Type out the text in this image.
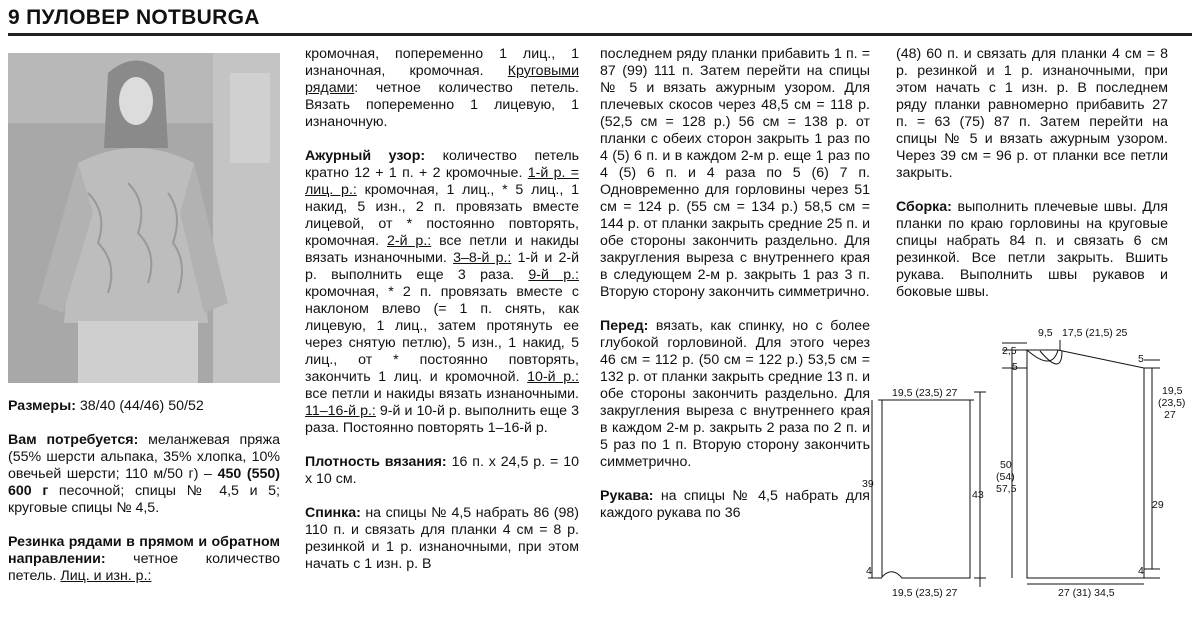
9 ПУЛОВЕР NOTBURGA

Размеры: 38/40 (44/46) 50/52

Вам потребуется: меланжевая пряжа (55% шерсти альпака, 35% хлопка, 10% овечьей шерсти; 110 м/50 г) – 450 (550) 600 г песочной; спицы № 4,5 и 5; круговые спицы № 4,5.

Резинка рядами в прямом и обратном направлении: четное количество петель. Лиц. и изн. р.:

кромочная, попеременно 1 лиц., 1 изнаночная, кромочная. Круговыми рядами: четное количество петель. Вязать попеременно 1 лицевую, 1 изнаночную.

Ажурный узор: количество петель кратно 12 + 1 п. + 2 кромочные. 1-й р. = лиц. р.: кромочная, 1 лиц., * 5 лиц., 1 накид, 5 изн., 2 п. провязать вместе лицевой, от * постоянно повторять, кромочная. 2-й р.: все петли и накиды вязать изнаночными. 3–8-й р.: 1-й и 2-й р. выполнить еще 3 раза. 9-й р.: кромочная, * 2 п. провязать вместе с наклоном влево (= 1 п. снять, как лицевую, 1 лиц., затем протянуть ее через снятую петлю), 5 изн., 1 накид, 5 лиц., от * постоянно повторять, закончить 1 лиц. и кромочной. 10-й р.: все петли и накиды вязать изнаночными. 11–16-й р.: 9-й и 10-й р. выполнить еще 3 раза. Постоянно повторять 1–16-й р.

Плотность вязания: 16 п. x 24,5 р. = 10 x 10 см.

Спинка: на спицы № 4,5 набрать 86 (98) 110 п. и связать для планки 4 см = 8 р. резинкой и 1 р. изнаночными, при этом начать с 1 изн. р. В

последнем ряду планки прибавить 1 п. = 87 (99) 111 п. Затем перейти на спицы № 5 и вязать ажурным узором. Для плечевых скосов через 48,5 см = 118 р. (52,5 см = 128 р.) 56 см = 138 р. от планки с обеих сторон закрыть 1 раз по 4 (5) 6 п. и в каждом 2-м р. еще 1 раз по 4 (5) 6 п. и 4 раза по 5 (6) 7 п. Одновременно для горловины через 51 см = 124 р. (55 см = 134 р.) 58,5 см = 144 р. от планки закрыть средние 25 п. и обе стороны закончить раздельно. Для закругления выреза с внутреннего края в следующем 2-м р. закрыть 1 раз 3 п. Вторую сторону закончить симметрично.

Перед: вязать, как спинку, но с более глубокой горловиной. Для этого через 46 см = 112 р. (50 см = 122 р.) 53,5 см = 132 р. от планки закрыть средние 13 п. и обе стороны закончить раздельно. Для закругления выреза с внутреннего края в каждом 2-м р. закрыть 2 раза по 2 п. и 5 раз по 1 п. Вторую сторону закончить симметрично.

Рукава: на спицы № 4,5 набрать для каждого рукава по 36

(48) 60 п. и связать для планки 4 см = 8 р. резинкой и 1 р. изнаночными, при этом начать с 1 изн. р. В последнем ряду планки равномерно прибавить 27 п. = 63 (75) 87 п. Затем перейти на спицы № 5 и вязать ажурным узором. Через 39 см = 96 р. от планки все петли закрыть.

Сборка: выполнить плечевые швы. Для планки по краю горловины на круговые спицы набрать 84 п. и связать 6 см резинкой. Все петли закрыть. Вшить рукава. Выполнить швы рукавов и боковые швы.

19,5 (23,5) 27
39
4
19,5 (23,5) 27
43
9,5 17,5 (21,5) 25
2,5
5
5
19,5
(23,5)
27
50
(54)
57,5
29
4
27 (31) 34,5
